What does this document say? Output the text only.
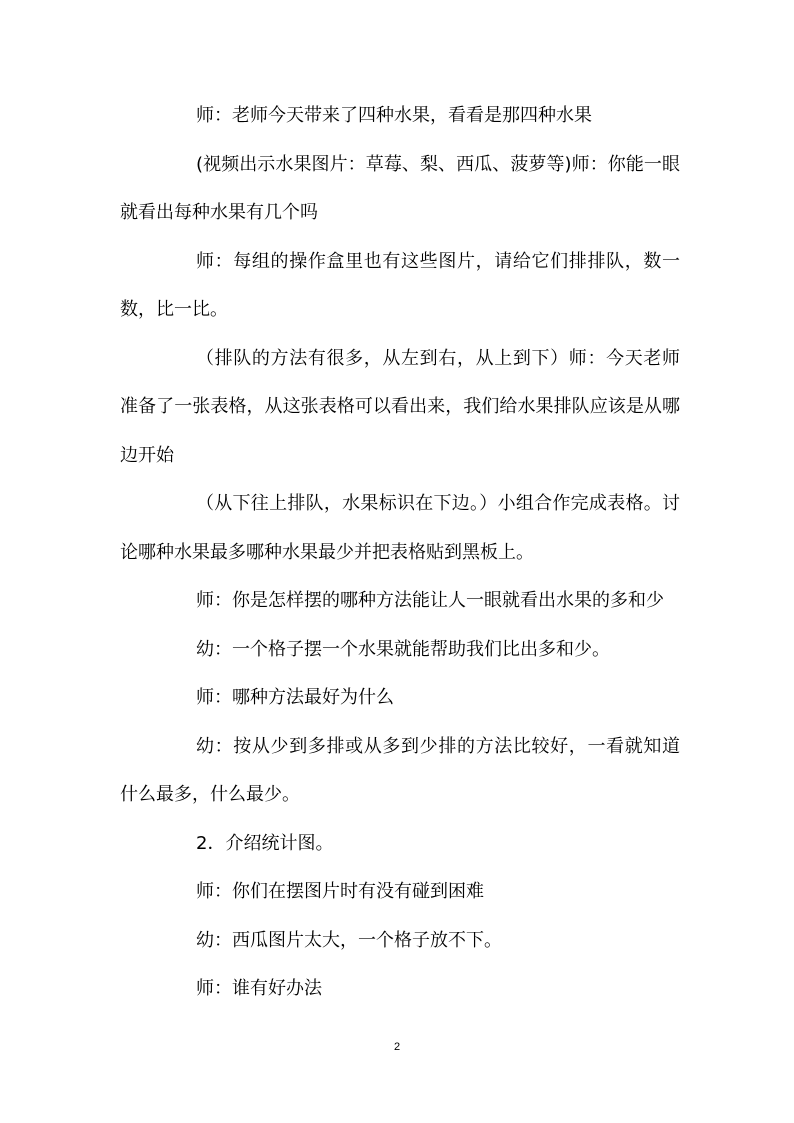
师：老师今天带来了四种水果，看看是那四种水果

(视频出示水果图片：草莓、梨、西瓜、菠萝等)师：你能一眼就看出每种水果有几个吗

师：每组的操作盒里也有这些图片，请给它们排排队，数一数，比一比。

（排队的方法有很多，从左到右，从上到下）师：今天老师准备了一张表格，从这张表格可以看出来，我们给水果排队应该是从哪边开始

（从下往上排队，水果标识在下边。）小组合作完成表格。讨论哪种水果最多哪种水果最少并把表格贴到黑板上。

师：你是怎样摆的哪种方法能让人一眼就看出水果的多和少

幼：一个格子摆一个水果就能帮助我们比出多和少。

师：哪种方法最好为什么

幼：按从少到多排或从多到少排的方法比较好，一看就知道什么最多，什么最少。

2．介绍统计图。

师：你们在摆图片时有没有碰到困难

幼：西瓜图片太大，一个格子放不下。

师：谁有好办法

2
